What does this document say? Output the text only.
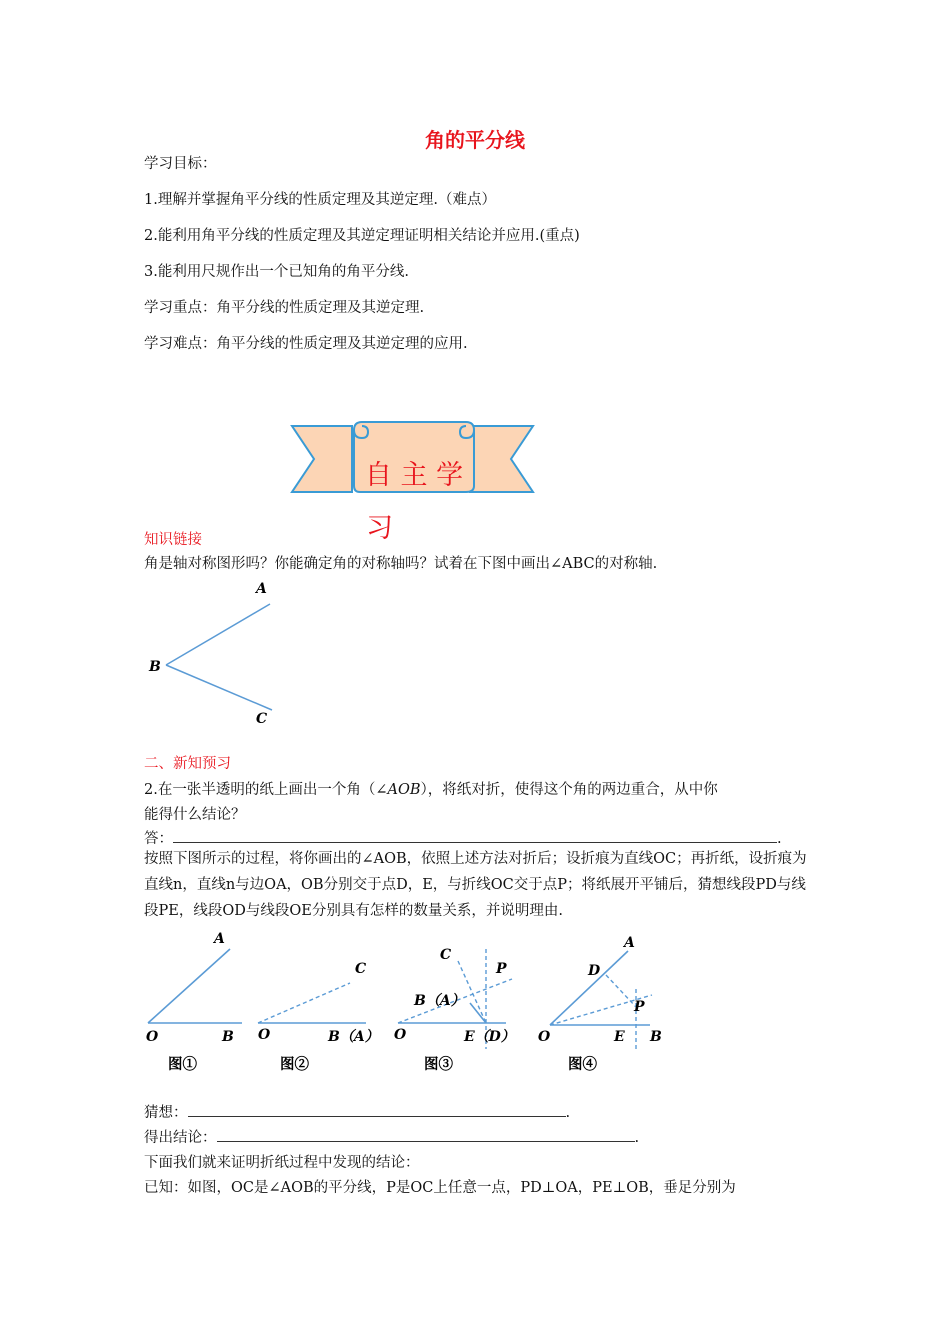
角的平分线
学习目标：
1.理解并掌握角平分线的性质定理及其逆定理.（难点）
2.能利用角平分线的性质定理及其逆定理证明相关结论并应用.(重点)
3.能利用尺规作出一个已知角的角平分线.
学习重点：角平分线的性质定理及其逆定理.
学习难点：角平分线的性质定理及其逆定理的应用.
自 主 学
习
知识链接
角是轴对称图形吗？你能确定角的对称轴吗？试着在下图中画出∠ABC的对称轴.
A
B
C
二、新知预习
2.在一张半透明的纸上画出一个角（∠AOB），将纸对折，使得这个角的两边重合，从中你
能得什么结论？
答：	.
按照下图所示的过程，将你画出的∠AOB，依照上述方法对折后；设折痕为直线OC；再折纸，设折痕为直线n，直线n与边OA，OB分别交于点D，E，与折线OC交于点P；将纸展开平铺后，猜想线段PD与线段PE，线段OD与线段OE分别具有怎样的数量关系，并说明理由.
A
O	B
图①
C
O	B（A）
图②
C
P
B（A）
O	E（D）
图③
A
D
P
O	E B
图④
猜想：	.
得出结论：	.
下面我们就来证明折纸过程中发现的结论：
已知：如图，OC是∠AOB的平分线，P是OC上任意一点，PD⊥OA，PE⊥OB，垂足分别为
